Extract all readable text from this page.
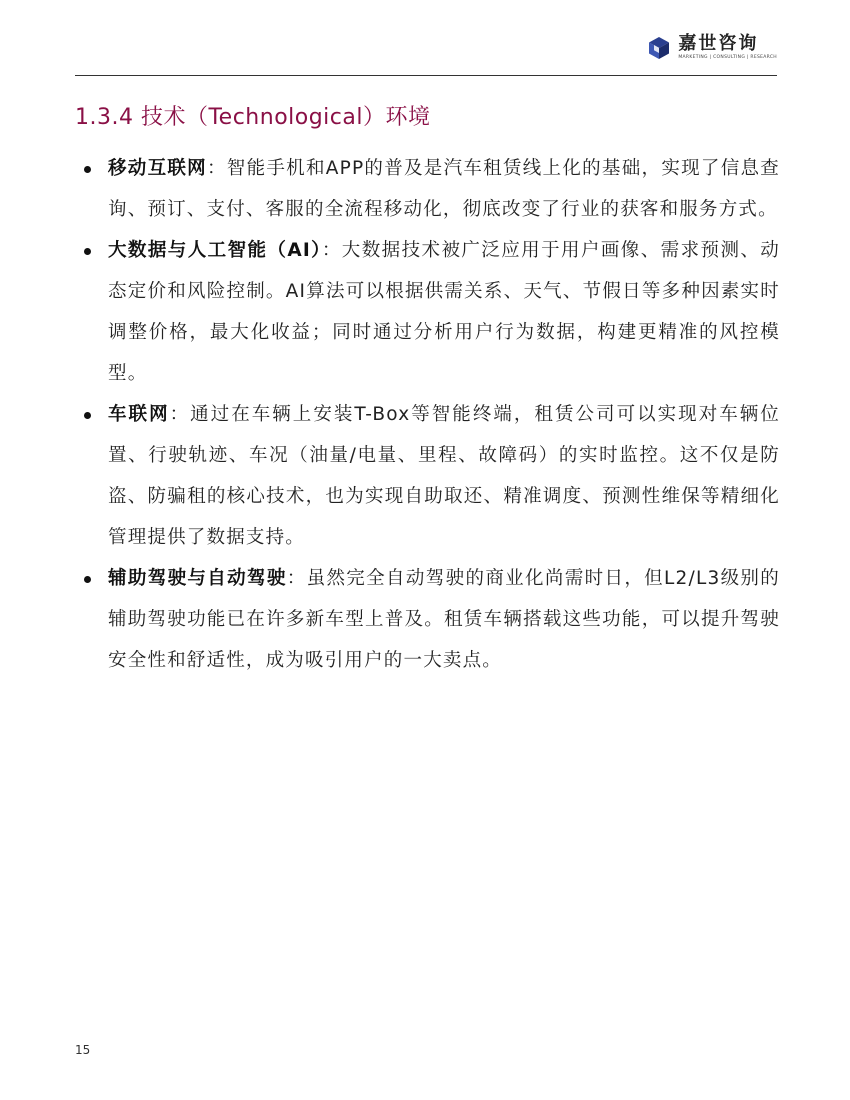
嘉世咨询
MARKETING | CONSULTING | RESEARCH
1.3.4 技术（Technological）环境
移动互联网：智能手机和APP的普及是汽车租赁线上化的基础，实现了信息查询、预订、支付、客服的全流程移动化，彻底改变了行业的获客和服务方式。
大数据与人工智能（AI）：大数据技术被广泛应用于用户画像、需求预测、动态定价和风险控制。AI算法可以根据供需关系、天气、节假日等多种因素实时调整价格，最大化收益；同时通过分析用户行为数据，构建更精准的风控模型。
车联网：通过在车辆上安装T-Box等智能终端，租赁公司可以实现对车辆位置、行驶轨迹、车况（油量/电量、里程、故障码）的实时监控。这不仅是防盗、防骗租的核心技术，也为实现自助取还、精准调度、预测性维保等精细化管理提供了数据支持。
辅助驾驶与自动驾驶：虽然完全自动驾驶的商业化尚需时日，但L2/L3级别的辅助驾驶功能已在许多新车型上普及。租赁车辆搭载这些功能，可以提升驾驶安全性和舒适性，成为吸引用户的一大卖点。
15
